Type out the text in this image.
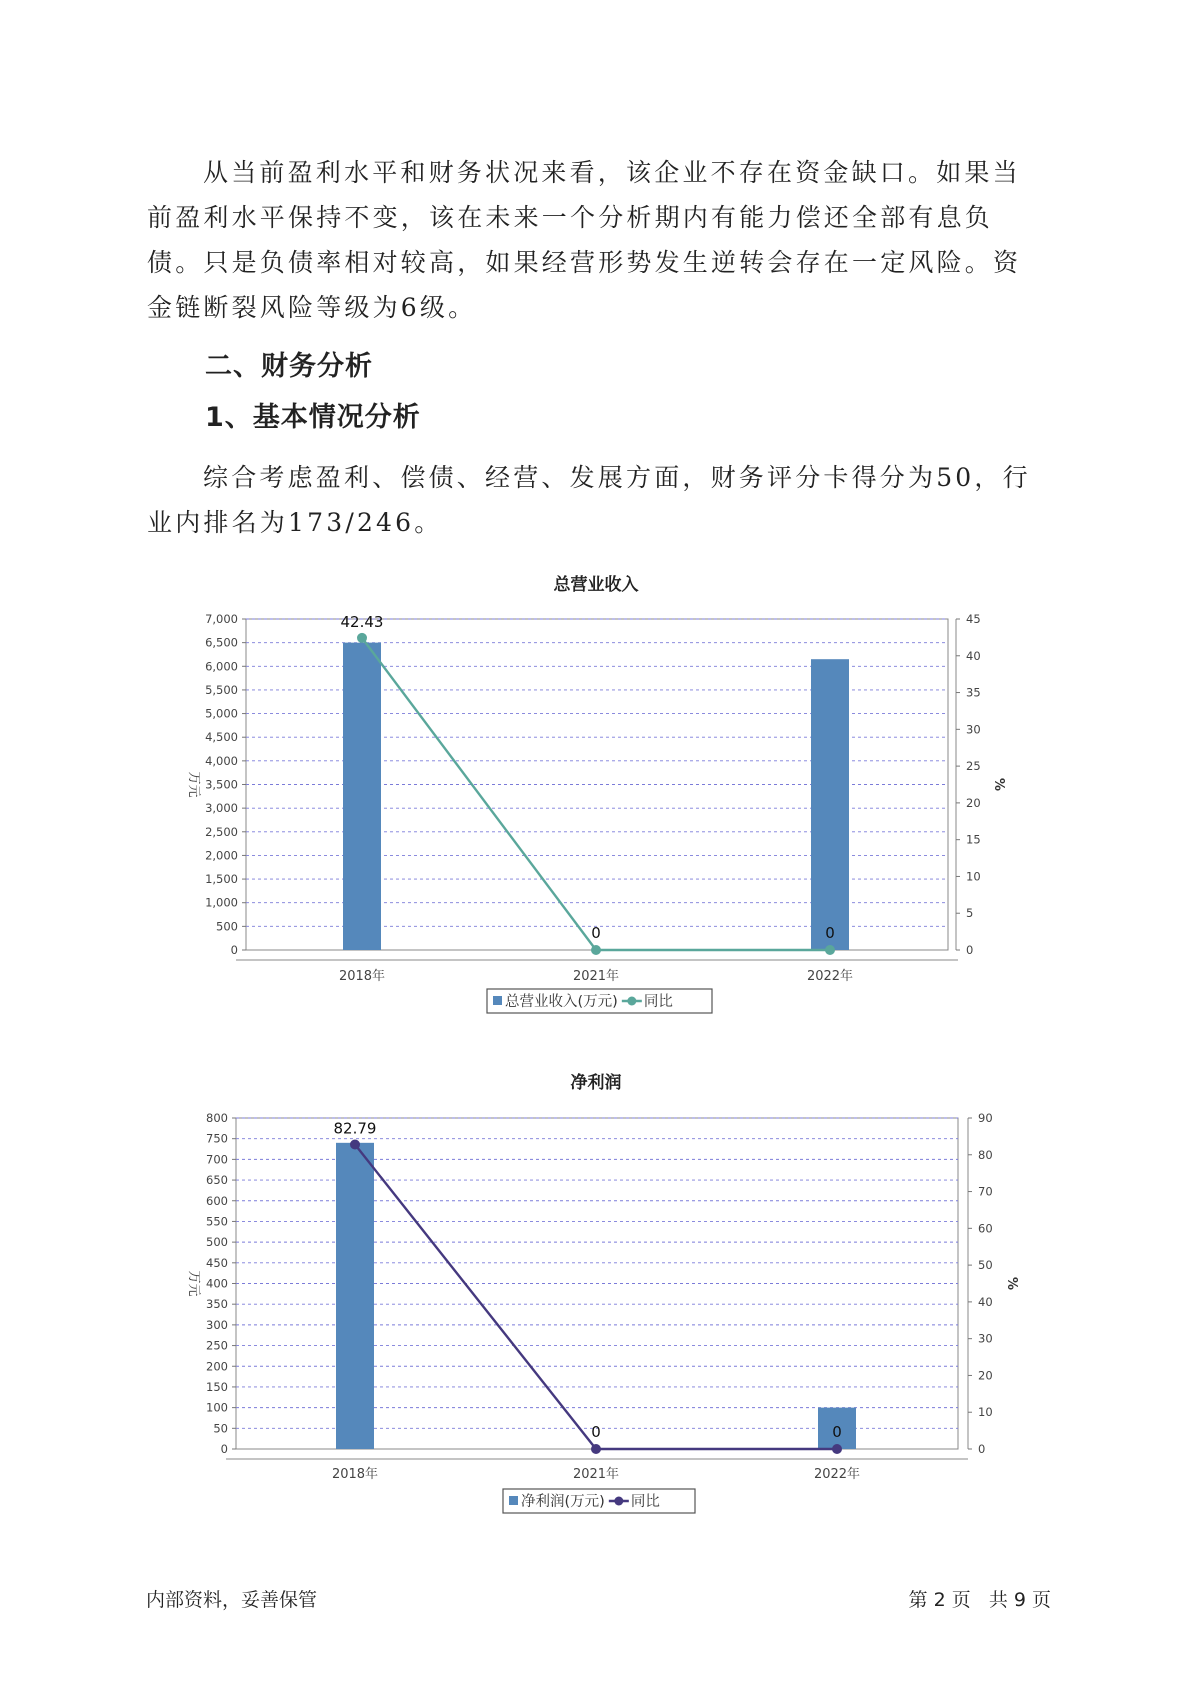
从当前盈利水平和财务状况来看，该企业不存在资金缺口。如果当前盈利水平保持不变，该在未来一个分析期内有能力偿还全部有息负债。只是负债率相对较高，如果经营形势发生逆转会存在一定风险。资金链断裂风险等级为6级。

二、财务分析
1、基本情况分析

综合考虑盈利、偿债、经营、发展方面，财务评分卡得分为50，行业内排名为173/246。

总营业收入
0
500
1,000
1,500
2,000
2,500
3,000
3,500
4,000
4,500
5,000
5,500
6,000
6,500
7,000
0
5
10
15
20
25
30
35
40
45
万元	%
2018年	2021年	2022年
42.43
0	0
总营业收入(万元) 同比
净利润
0
50
100
150
200
250
300
350
400
450
500
550
600
650
700
750
800
0
10
20
30
40
50
60
70
80
90
万元	%
2018年	2021年	2022年
82.79
0	0
净利润(万元) 同比
内部资料，妥善保管	第 2 页   共 9 页
